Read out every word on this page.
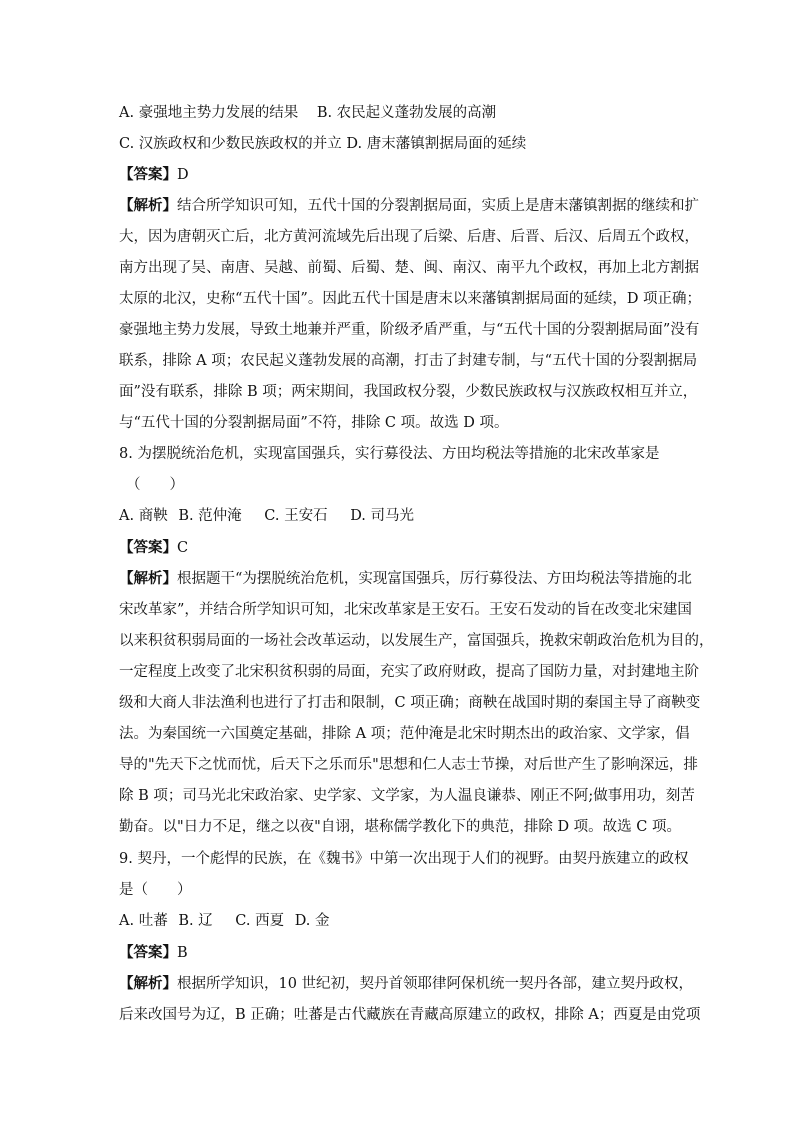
A. 豪强地主势力发展的结果 B. 农民起义蓬勃发展的高潮
C. 汉族政权和少数民族政权的并立 D. 唐末藩镇割据局面的延续
【答案】D
【解析】结合所学知识可知，五代十国的分裂割据局面，实质上是唐末藩镇割据的继续和扩
大，因为唐朝灭亡后，北方黄河流域先后出现了后梁、后唐、后晋、后汉、后周五个政权，
南方出现了吴、南唐、吴越、前蜀、后蜀、楚、闽、南汉、南平九个政权，再加上北方割据
太原的北汉，史称“五代十国”。因此五代十国是唐末以来藩镇割据局面的延续，D 项正确；
豪强地主势力发展，导致土地兼并严重，阶级矛盾严重，与“五代十国的分裂割据局面”没有
联系，排除 A 项；农民起义蓬勃发展的高潮，打击了封建专制，与“五代十国的分裂割据局
面”没有联系，排除 B 项；两宋期间，我国政权分裂，少数民族政权与汉族政权相互并立，
与“五代十国的分裂割据局面”不符，排除 C 项。故选 D 项。
8. 为摆脱统治危机，实现富国强兵，实行募役法、方田均税法等措施的北宋改革家是
（　　）
A. 商鞅 B. 范仲淹 C. 王安石 D. 司马光
【答案】C
【解析】根据题干“为摆脱统治危机，实现富国强兵，厉行募役法、方田均税法等措施的北
宋改革家”，并结合所学知识可知，北宋改革家是王安石。王安石发动的旨在改变北宋建国
以来积贫积弱局面的一场社会改革运动，以发展生产，富国强兵，挽救宋朝政治危机为目的，
一定程度上改变了北宋积贫积弱的局面，充实了政府财政，提高了国防力量，对封建地主阶
级和大商人非法渔利也进行了打击和限制，C 项正确；商鞅在战国时期的秦国主导了商鞅变
法。为秦国统一六国奠定基础，排除 A 项；范仲淹是北宋时期杰出的政治家、文学家，倡
导的"先天下之忧而忧，后天下之乐而乐"思想和仁人志士节操，对后世产生了影响深远，排
除 B 项；司马光北宋政治家、史学家、文学家，为人温良谦恭、刚正不阿;做事用功，刻苦
勤奋。以"日力不足，继之以夜"自诩，堪称儒学教化下的典范，排除 D 项。故选 C 项。
9. 契丹，一个彪悍的民族，在《魏书》中第一次出现于人们的视野。由契丹族建立的政权
是（　　）
A. 吐蕃 B. 辽 C. 西夏 D. 金
【答案】B
【解析】根据所学知识，10 世纪初，契丹首领耶律阿保机统一契丹各部，建立契丹政权，
后来改国号为辽，B 正确；吐蕃是古代藏族在青藏高原建立的政权，排除 A；西夏是由党项
